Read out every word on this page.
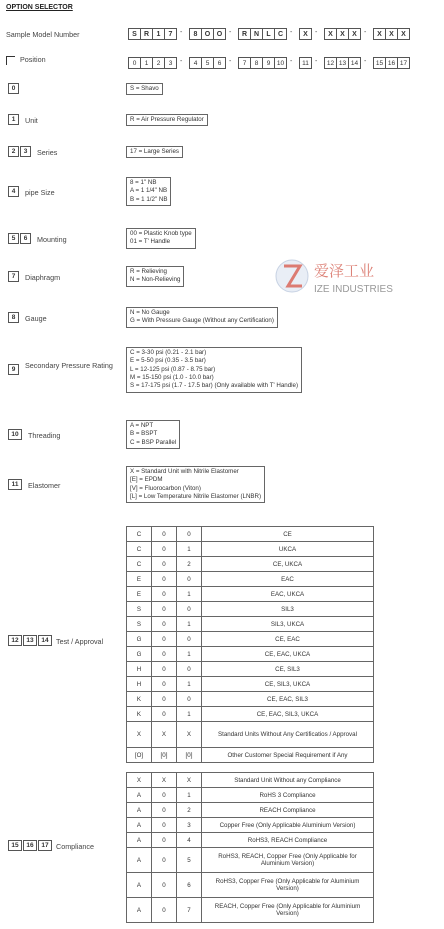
OPTION SELECTOR
Sample Model Number	S	R	1	7	-	8	O O -	R N	L	C -	X	-	X	X	X	-	X	X	X
Position	0	1	2	3	-	4	5	6	-	7	8	9	10 -	11 -	12 13 14 -	15 16 17
0	S = Shavo
1	Unit	R = Air Pressure Regulator
2	3	Series	17 = Large Series
4	pipe Size
8 = 1" NB
A = 1 1/4" NB
B = 1 1/2" NB
5	6	Mounting
00 = Plastic Knob type
01 = T' Handle
7	Diaphragm
R = Relieving
N = Non-Relieving
8	Gauge
N = No Gauge
G = With Pressure Gauge (Without any Certification)
9	Secondary Pressure Rating
C = 3-30 psi (0.21 - 2.1 bar)
E = 5-50 psi (0.35 - 3.5 bar)
L = 12-125 psi (0.87 - 8.75 bar)
M = 15-150 psi (1.0 - 10.0 bar)
S = 17-175 psi (1.7 - 17.5 bar) (Only available with T' Handle)
10	Threading
A = NPT
B = BSPT
C = BSP Parallel
11	Elastomer
X = Standard Unit with Nitrile Elastomer
[E] = EPDM
[V] = Fluorocarbon (Viton)
[L] = Low Temperature Nitrile Elastomer (LNBR)
C	0	0	CE
C	0	1	UKCA
C	0	2	CE, UKCA
E	0	0	EAC
E	0	1	EAC, UKCA
S	0	0	SIL3
S	0	1	SIL3, UKCA
G	0	0	CE, EAC
G	0	1	CE, EAC, UKCA
H	0	0	CE, SIL3
H	0	1	CE, SIL3, UKCA
K	0	0	CE, EAC, SIL3
K	0	1	CE, EAC, SIL3, UKCA
X	X	X	Standard Units Without Any Certificatios / Approval
[O]	[0]	[0]	Other Customer Special Requirement if Any
12	13	14	Test / Approval
X	X	X	Standard Unit Without any Compliance
A	0	1	RoHS 3 Compliance
A	0	2	REACH Compliance
A	0	3	Copper Free (Only Applicable Aluminium Version)
A	0	4	RoHS3, REACH Compliance
A	0	5	RoHS3, REACH, Copper Free (Only Applicable for Aluminium Version)
A	0	6	RoHS3, Copper Free (Only Applicable for Aluminium Version)
A	0	7	REACH, Copper Free (Only Applicable for Aluminium Version)
15	16	17	Compliance
爱泽工业
IZE INDUSTRIES
